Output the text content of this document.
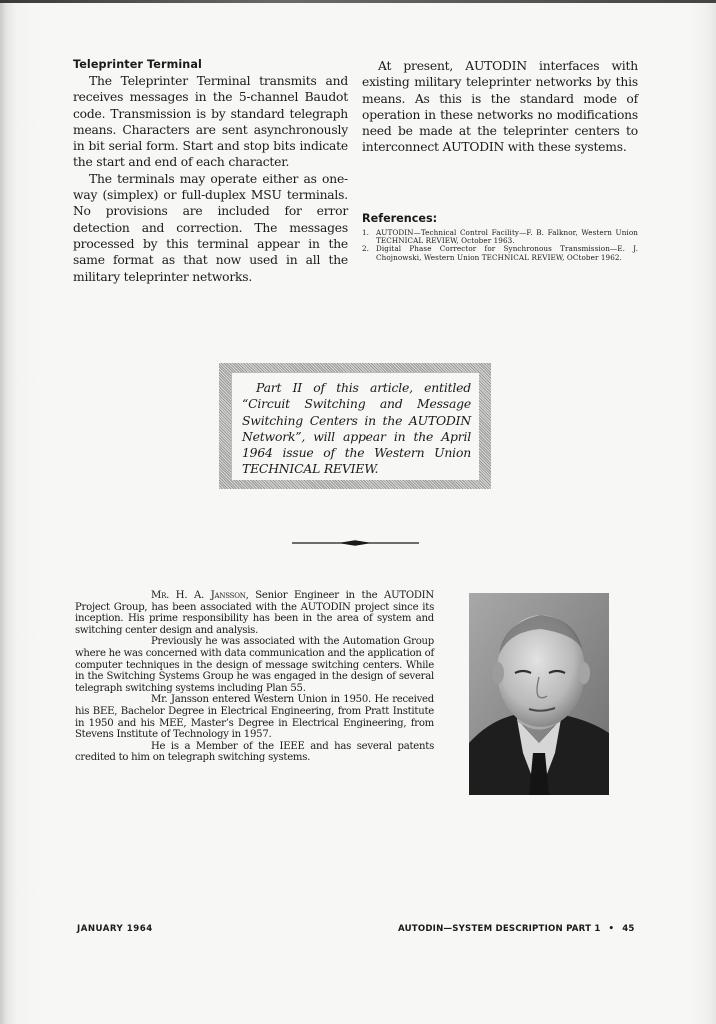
Teleprinter Terminal

The Teleprinter Terminal transmits and receives messages in the 5-channel Baudot code. Transmission is by standard telegraph means. Characters are sent asynchronously in bit serial form. Start and stop bits indicate the start and end of each character.

The terminals may operate either as one-way (simplex) or full-duplex MSU terminals. No provisions are included for error detection and correction. The messages processed by this terminal appear in the same format as that now used in all the military teleprinter networks.

At present, AUTODIN interfaces with existing military teleprinter networks by this means. As this is the standard mode of operation in these networks no modifications need be made at the teleprinter centers to interconnect AUTODIN with these systems.

References:
1. AUTODIN—Technical Control Facility—F. B. Falknor, Western Union TECHNICAL REVIEW, October 1963.
2. Digital Phase Corrector for Synchronous Transmission—E. J. Chojnowski, Western Union TECHNICAL REVIEW, OCtober 1962.

Part II of this article, entitled “Circuit Switching and Message Switching Centers in the AUTODIN Network”, will appear in the April 1964 issue of the Western Union TECHNICAL REVIEW.

Mr. H. A. Jansson, Senior Engineer in the AUTODIN Project Group, has been associated with the AUTODIN project since its inception. His prime responsibility has been in the area of system and switching center design and analysis.

Previously he was associated with the Automation Group where he was concerned with data communication and the application of computer techniques in the design of message switching centers. While in the Switching Systems Group he was engaged in the design of several telegraph switching systems including Plan 55.

Mr. Jansson entered Western Union in 1950. He received his BEE, Bachelor Degree in Electrical Engineering, from Pratt Institute in 1950 and his MEE, Master’s Degree in Electrical Engineering, from Stevens Institute of Technology in 1957.

He is a Member of the IEEE and has several patents credited to him on telegraph switching systems.

JANUARY 1964	AUTODIN—SYSTEM DESCRIPTION PART 1 • 45
